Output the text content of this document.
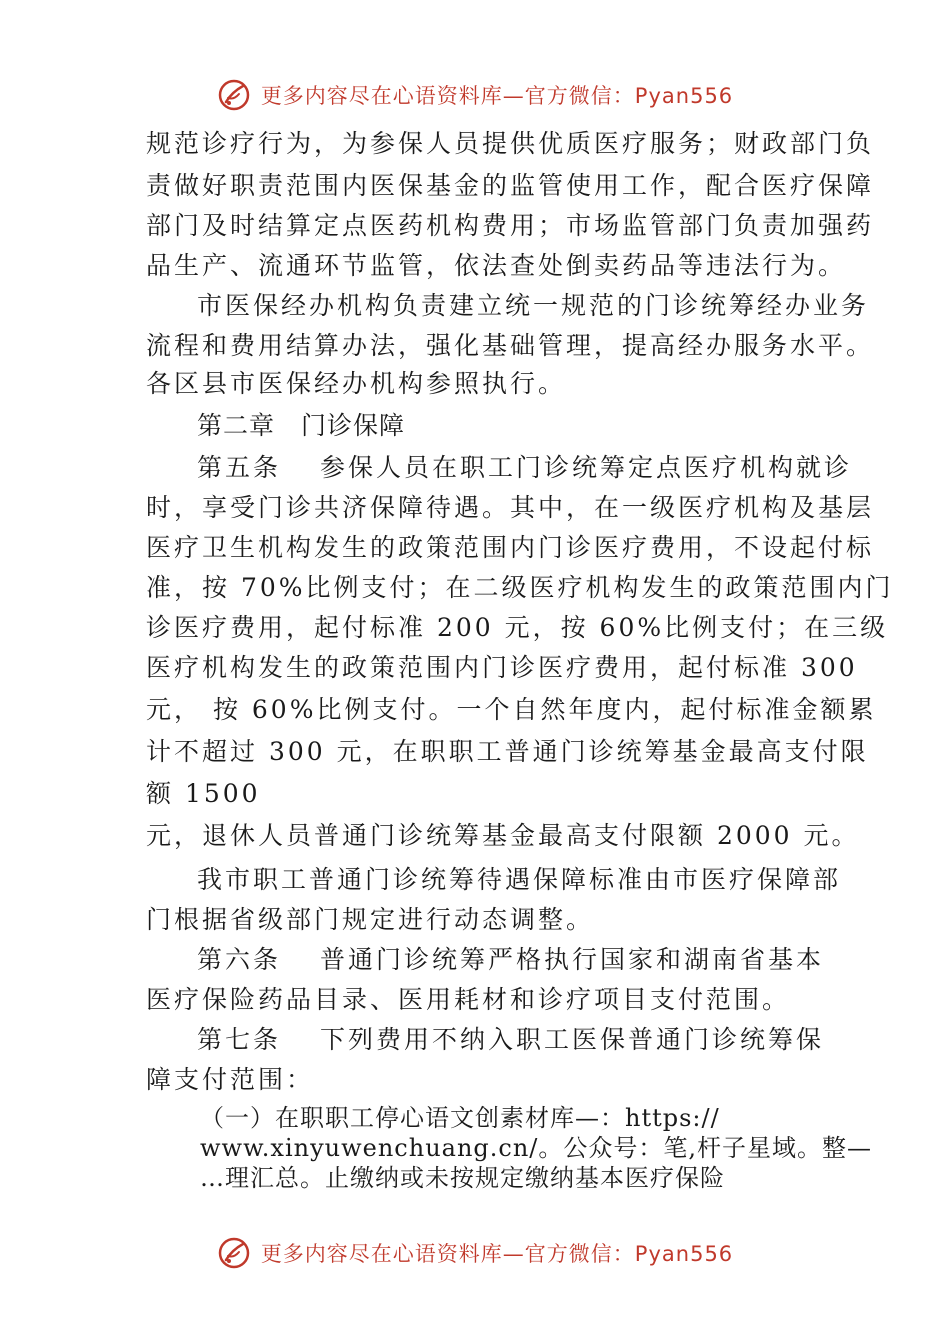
更多内容尽在心语资料库—官方微信：Pyan556
规范诊疗行为，为参保人员提供优质医疗服务；财政部门负
责做好职责范围内医保基金的监管使用工作，配合医疗保障
部门及时结算定点医药机构费用；市场监管部门负责加强药
品生产、流通环节监管，依法查处倒卖药品等违法行为。
市医保经办机构负责建立统一规范的门诊统筹经办业务
流程和费用结算办法，强化基础管理，提高经办服务水平。
各区县市医保经办机构参照执行。
第二章　门诊保障
第五条　 参保人员在职工门诊统筹定点医疗机构就诊
时，享受门诊共济保障待遇。其中，在一级医疗机构及基层
医疗卫生机构发生的政策范围内门诊医疗费用，不设起付标
准，按 70%比例支付；在二级医疗机构发生的政策范围内门
诊医疗费用，起付标准 200 元，按 60%比例支付；在三级
医疗机构发生的政策范围内门诊医疗费用，起付标准 300
元， 按 60%比例支付。一个自然年度内，起付标准金额累
计不超过 300 元，在职职工普通门诊统筹基金最高支付限
额 1500
元，退休人员普通门诊统筹基金最高支付限额 2000 元。
我市职工普通门诊统筹待遇保障标准由市医疗保障部
门根据省级部门规定进行动态调整。
第六条　 普通门诊统筹严格执行国家和湖南省基本
医疗保险药品目录、医用耗材和诊疗项目支付范围。
第七条　 下列费用不纳入职工医保普通门诊统筹保
障支付范围：
（一）在职职工停心语文创素材库—：https://
www.xinyuwenchuang.cn/。公众号：笔,杆子星域。整—
…理汇总。止缴纳或未按规定缴纳基本医疗保险
更多内容尽在心语资料库—官方微信：Pyan556
